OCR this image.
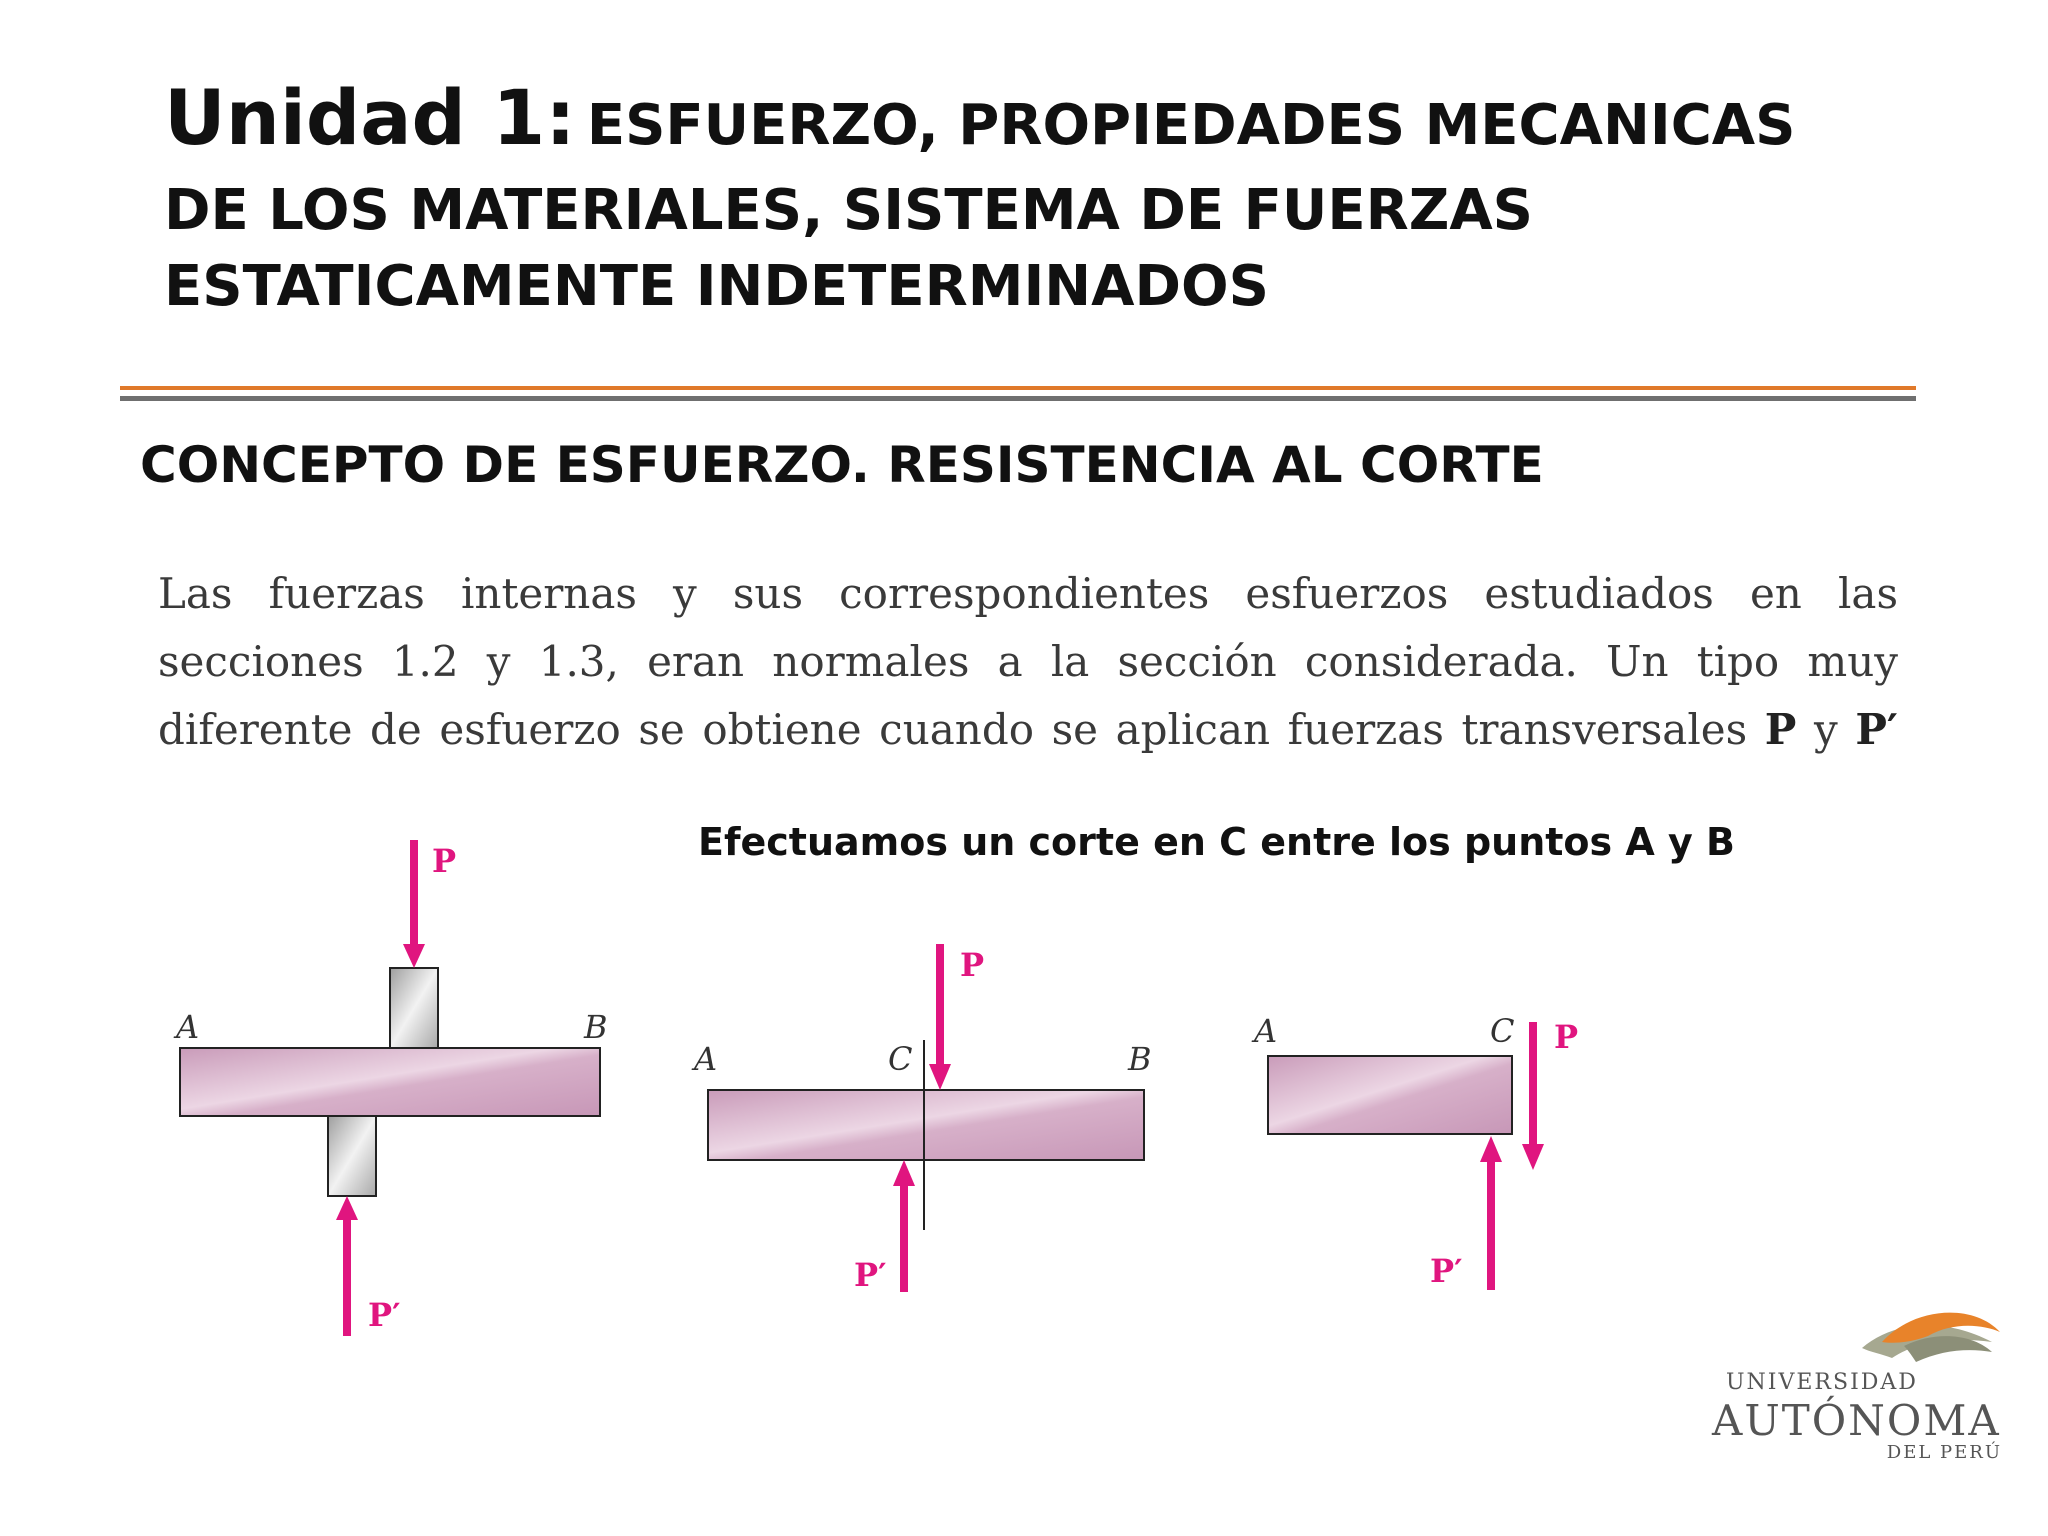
Unidad 1: ESFUERZO, PROPIEDADES MECANICAS
DE LOS MATERIALES, SISTEMA DE FUERZAS
ESTATICAMENTE INDETERMINADOS
CONCEPTO DE ESFUERZO. RESISTENCIA AL CORTE

Las fuerzas internas y sus correspondientes esfuerzos estudiados en las secciones 1.2 y 1.3, eran normales a la sección considerada. Un tipo muy diferente de esfuerzo se obtiene cuando se aplican fuerzas transversales P y P′

Efectuamos un corte en C entre los puntos A y B

A	B
P
P′
A	C	B
P
P′
A	C P
P′
UNIVERSIDAD
AUTÓNOMA
DEL PERÚ
